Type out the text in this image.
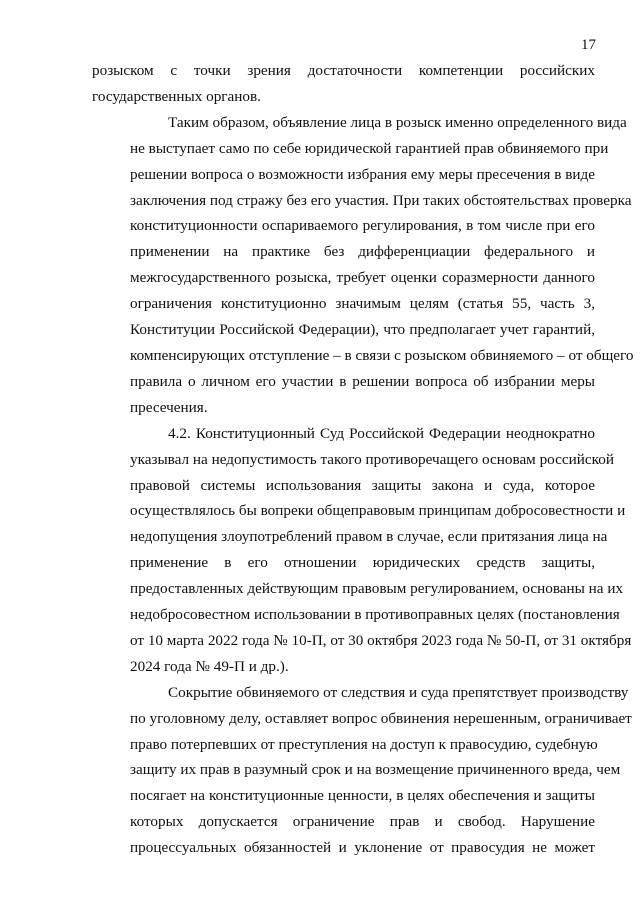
17
розыском с точки зрения достаточности компетенции российских
государственных органов.
Таким образом, объявление лица в розыск именно определенного вида
не выступает само по себе юридической гарантией прав обвиняемого при
решении вопроса о возможности избрания ему меры пресечения в виде
заключения под стражу без его участия. При таких обстоятельствах проверка
конституционности оспариваемого регулирования, в том числе при его
применении на практике без дифференциации федерального и
межгосударственного розыска, требует оценки соразмерности данного
ограничения конституционно значимым целям (статья 55, часть 3,
Конституции Российской Федерации), что предполагает учет гарантий,
компенсирующих отступление – в связи с розыском обвиняемого – от общего
правила о личном его участии в решении вопроса об избрании меры
пресечения.
4.2. Конституционный Суд Российской Федерации неоднократно
указывал на недопустимость такого противоречащего основам российской
правовой системы использования защиты закона и суда, которое
осуществлялось бы вопреки общеправовым принципам добросовестности и
недопущения злоупотреблений правом в случае, если притязания лица на
применение в его отношении юридических средств защиты,
предоставленных действующим правовым регулированием, основаны на их
недобросовестном использовании в противоправных целях (постановления
от 10 марта 2022 года № 10-П, от 30 октября 2023 года № 50-П, от 31 октября
2024 года № 49-П и др.).
Сокрытие обвиняемого от следствия и суда препятствует производству
по уголовному делу, оставляет вопрос обвинения нерешенным, ограничивает
право потерпевших от преступления на доступ к правосудию, судебную
защиту их прав в разумный срок и на возмещение причиненного вреда, чем
посягает на конституционные ценности, в целях обеспечения и защиты
которых допускается ограничение прав и свобод. Нарушение
процессуальных обязанностей и уклонение от правосудия не может
